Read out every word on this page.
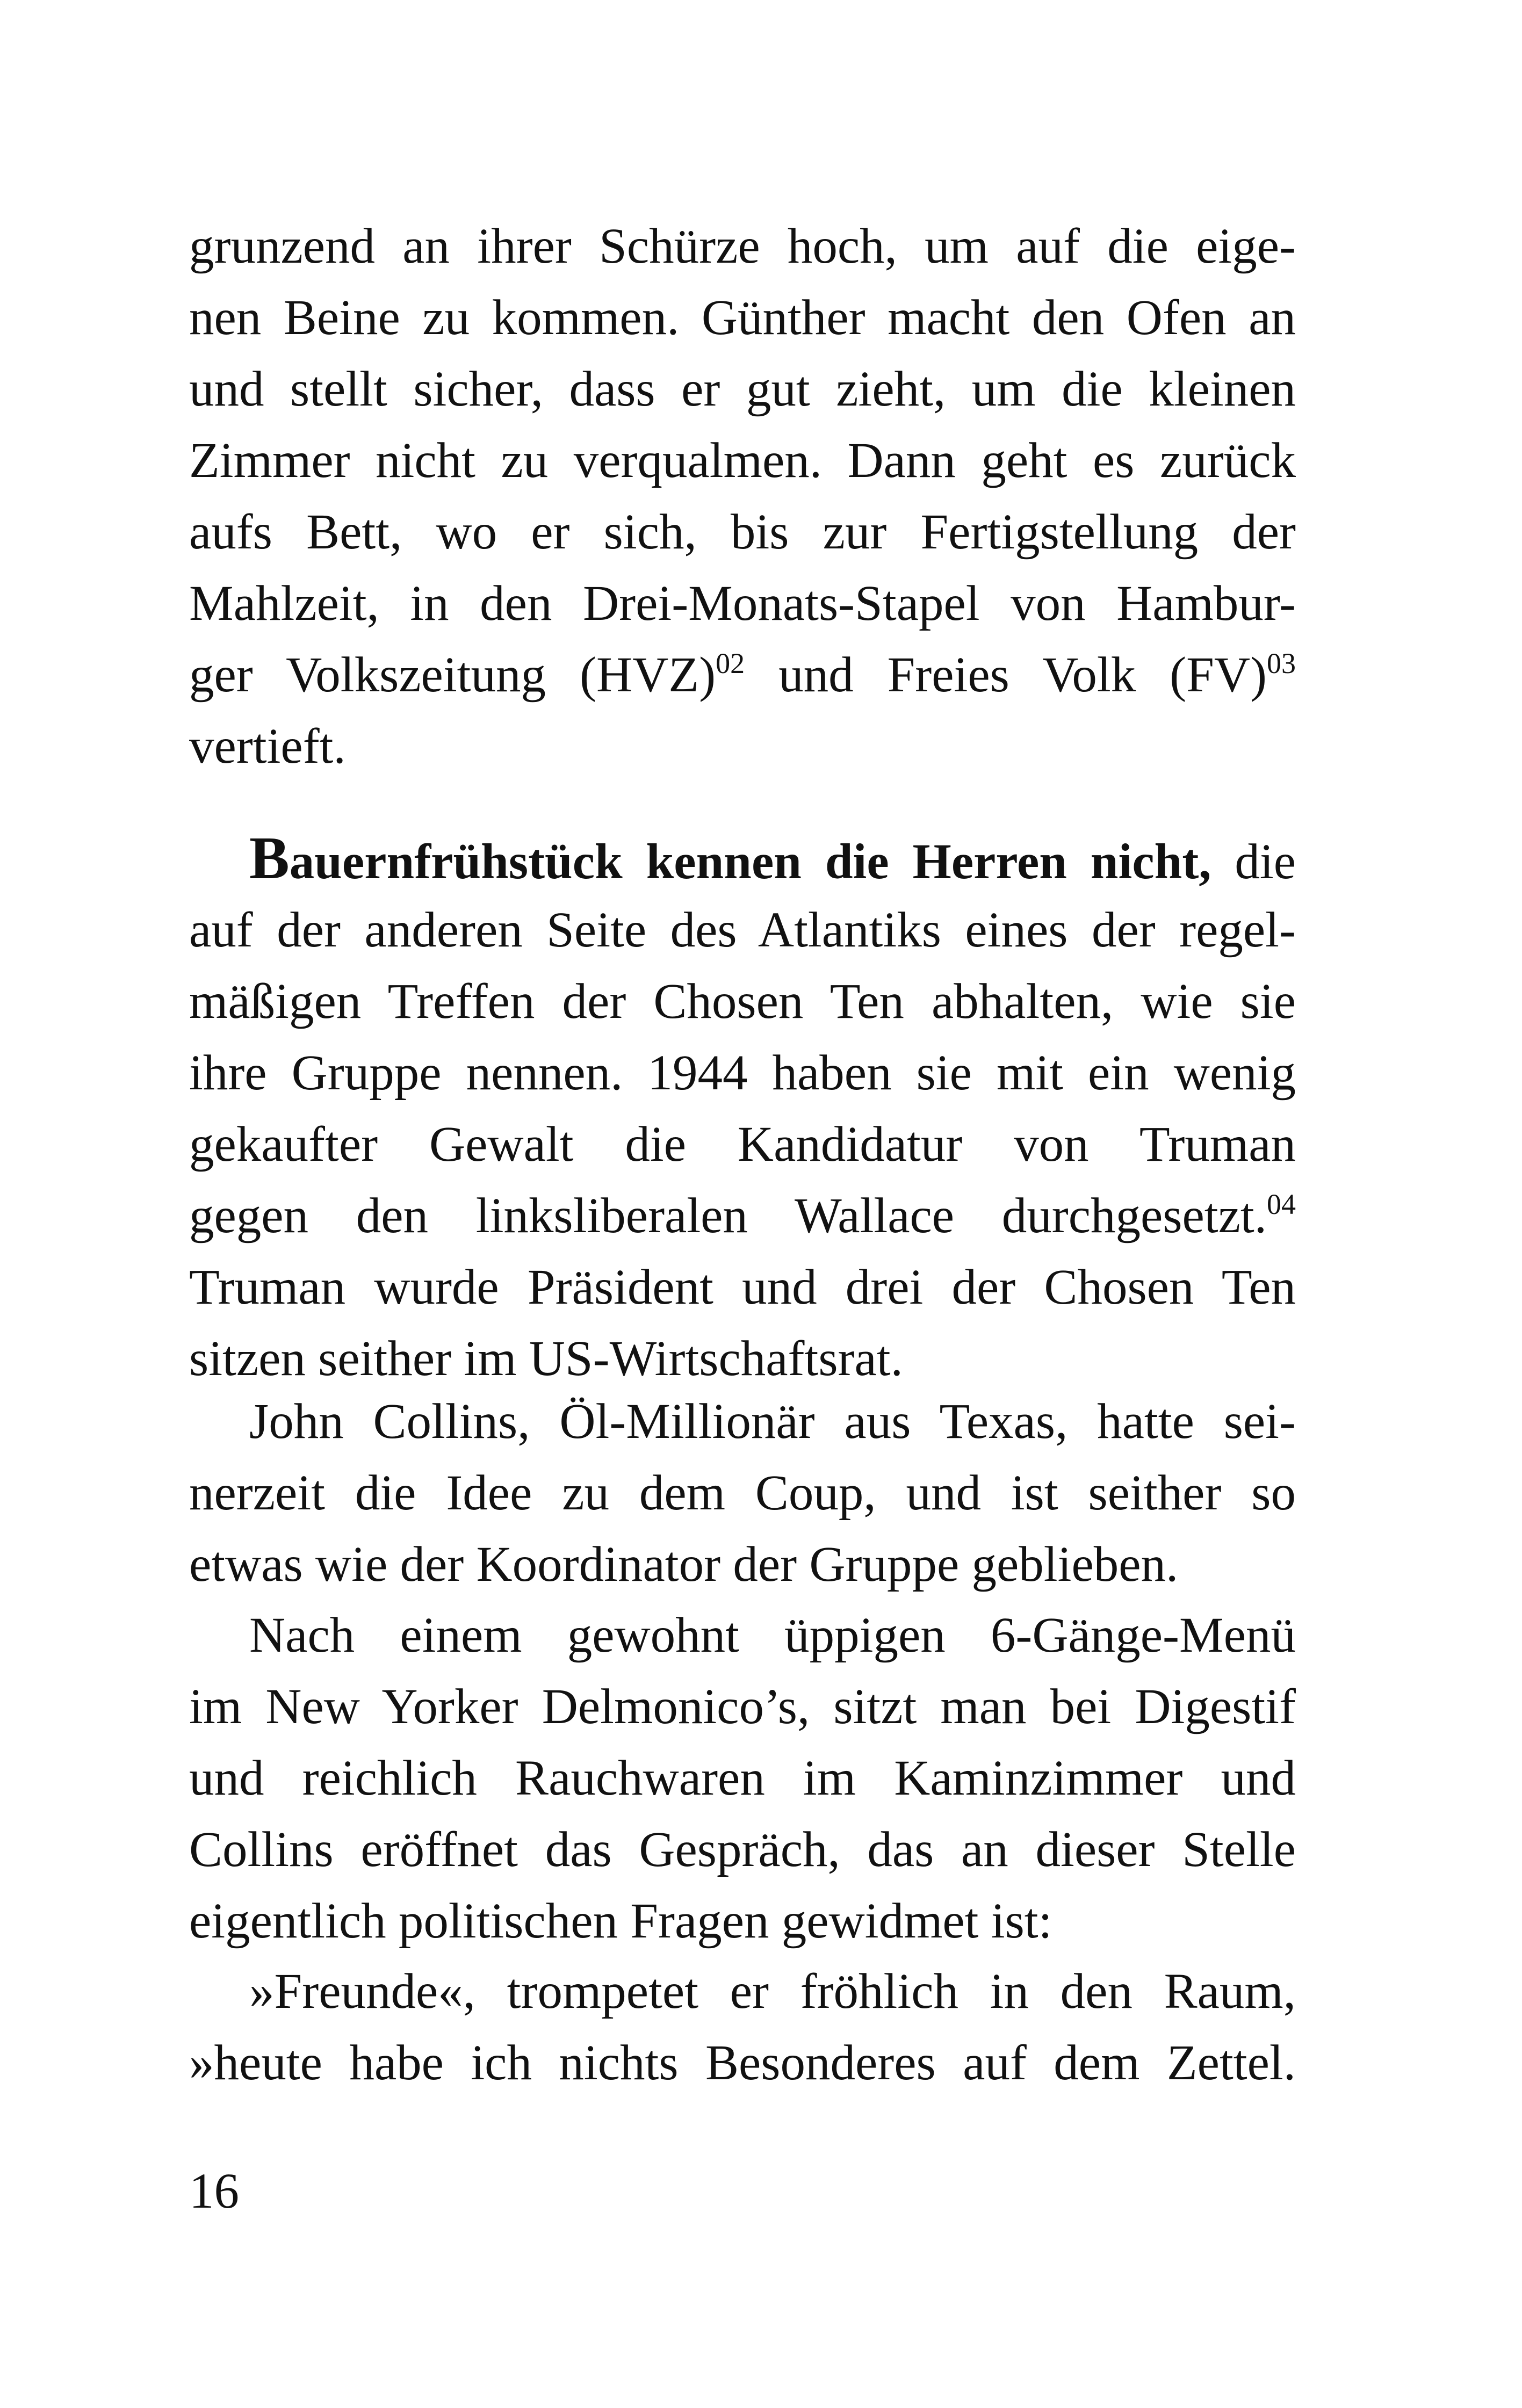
grunzend an ihrer Schürze hoch, um auf die eige-
nen Beine zu kommen. Günther macht den Ofen an
und stellt sicher, dass er gut zieht, um die kleinen
Zimmer nicht zu verqualmen. Dann geht es zurück
aufs Bett, wo er sich, bis zur Fertigstellung der
Mahlzeit, in den Drei-Monats-Stapel von Hambur-
ger Volkszeitung (HVZ)$^{02}$ und Freies Volk (FV)$^{03}$
vertieft.
Bauernfrühstück kennen die Herren nicht, die
auf der anderen Seite des Atlantiks eines der regel-
mäßigen Treffen der Chosen Ten abhalten, wie sie
ihre Gruppe nennen. 1944 haben sie mit ein wenig
gekaufter Gewalt die Kandidatur von Truman
gegen den linksliberalen Wallace durchgesetzt.$^{04}$
Truman wurde Präsident und drei der Chosen Ten
sitzen seither im US-Wirtschaftsrat.
John Collins, Öl-Millionär aus Texas, hatte sei-
nerzeit die Idee zu dem Coup, und ist seither so
etwas wie der Koordinator der Gruppe geblieben.
Nach einem gewohnt üppigen 6-Gänge-Menü
im New Yorker Delmonico’s, sitzt man bei Digestif
und reichlich Rauchwaren im Kaminzimmer und
Collins eröffnet das Gespräch, das an dieser Stelle
eigentlich politischen Fragen gewidmet ist:
»Freunde«, trompetet er fröhlich in den Raum,
»heute habe ich nichts Besonderes auf dem Zettel.
16
